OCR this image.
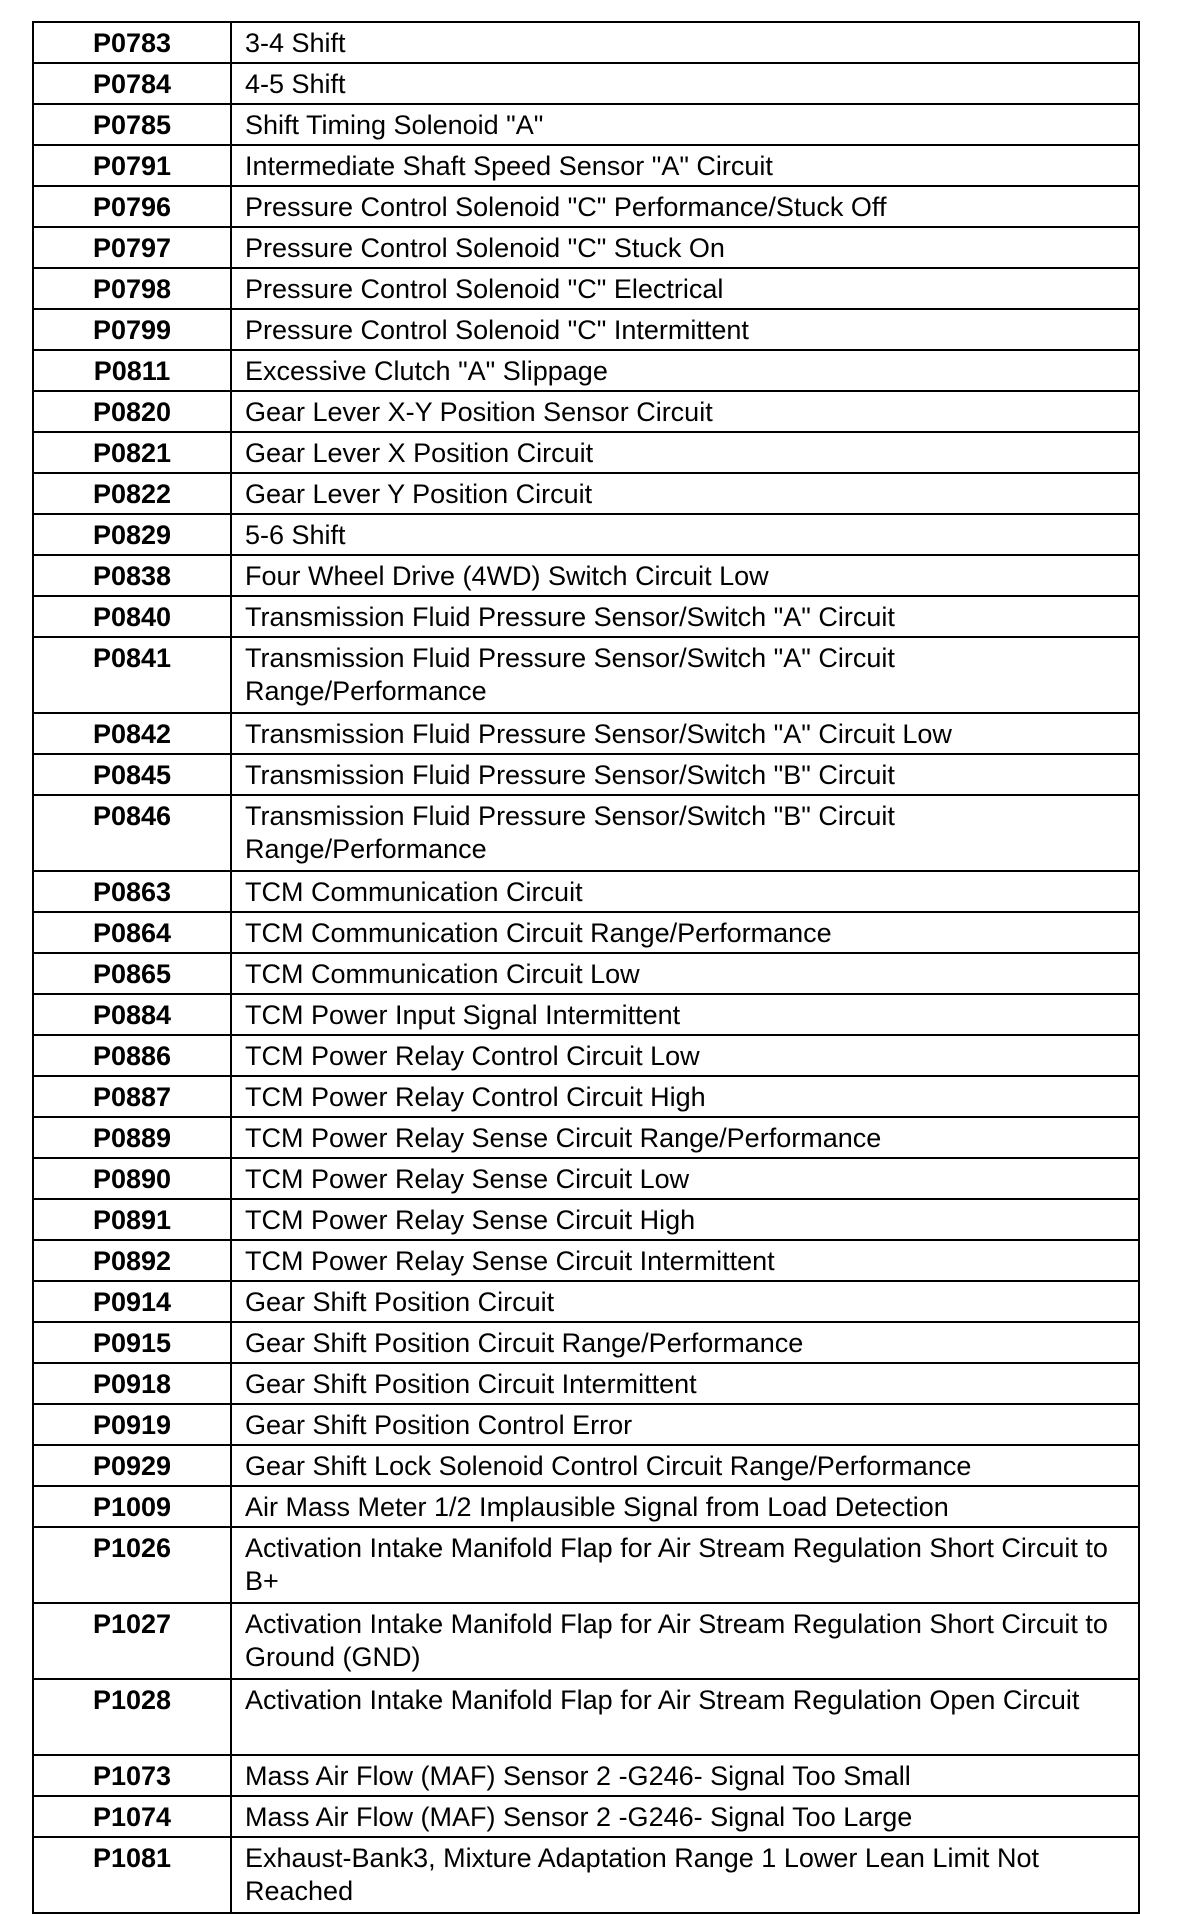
P0783	3-4 Shift
P0784	4-5 Shift
P0785	Shift Timing Solenoid "A"
P0791	Intermediate Shaft Speed Sensor "A" Circuit
P0796	Pressure Control Solenoid "C" Performance/Stuck Off
P0797	Pressure Control Solenoid "C" Stuck On
P0798	Pressure Control Solenoid "C" Electrical
P0799	Pressure Control Solenoid "C" Intermittent
P0811	Excessive Clutch "A" Slippage
P0820	Gear Lever X-Y Position Sensor Circuit
P0821	Gear Lever X Position Circuit
P0822	Gear Lever Y Position Circuit
P0829	5-6 Shift
P0838	Four Wheel Drive (4WD) Switch Circuit Low
P0840	Transmission Fluid Pressure Sensor/Switch "A" Circuit
P0841	Transmission Fluid Pressure Sensor/Switch "A" Circuit Range/Performance
P0842	Transmission Fluid Pressure Sensor/Switch "A" Circuit Low
P0845	Transmission Fluid Pressure Sensor/Switch "B" Circuit
P0846	Transmission Fluid Pressure Sensor/Switch "B" Circuit Range/Performance
P0863	TCM Communication Circuit
P0864	TCM Communication Circuit Range/Performance
P0865	TCM Communication Circuit Low
P0884	TCM Power Input Signal Intermittent
P0886	TCM Power Relay Control Circuit Low
P0887	TCM Power Relay Control Circuit High
P0889	TCM Power Relay Sense Circuit Range/Performance
P0890	TCM Power Relay Sense Circuit Low
P0891	TCM Power Relay Sense Circuit High
P0892	TCM Power Relay Sense Circuit Intermittent
P0914	Gear Shift Position Circuit
P0915	Gear Shift Position Circuit Range/Performance
P0918	Gear Shift Position Circuit Intermittent
P0919	Gear Shift Position Control Error
P0929	Gear Shift Lock Solenoid Control Circuit Range/Performance
P1009	Air Mass Meter 1/2 Implausible Signal from Load Detection
P1026	Activation Intake Manifold Flap for Air Stream Regulation Short Circuit to B+
P1027	Activation Intake Manifold Flap for Air Stream Regulation Short Circuit to Ground (GND)
P1028	Activation Intake Manifold Flap for Air Stream Regulation Open Circuit
P1073	Mass Air Flow (MAF) Sensor 2 -G246- Signal Too Small
P1074	Mass Air Flow (MAF) Sensor 2 -G246- Signal Too Large
P1081	Exhaust-Bank3, Mixture Adaptation Range 1 Lower Lean Limit Not Reached
